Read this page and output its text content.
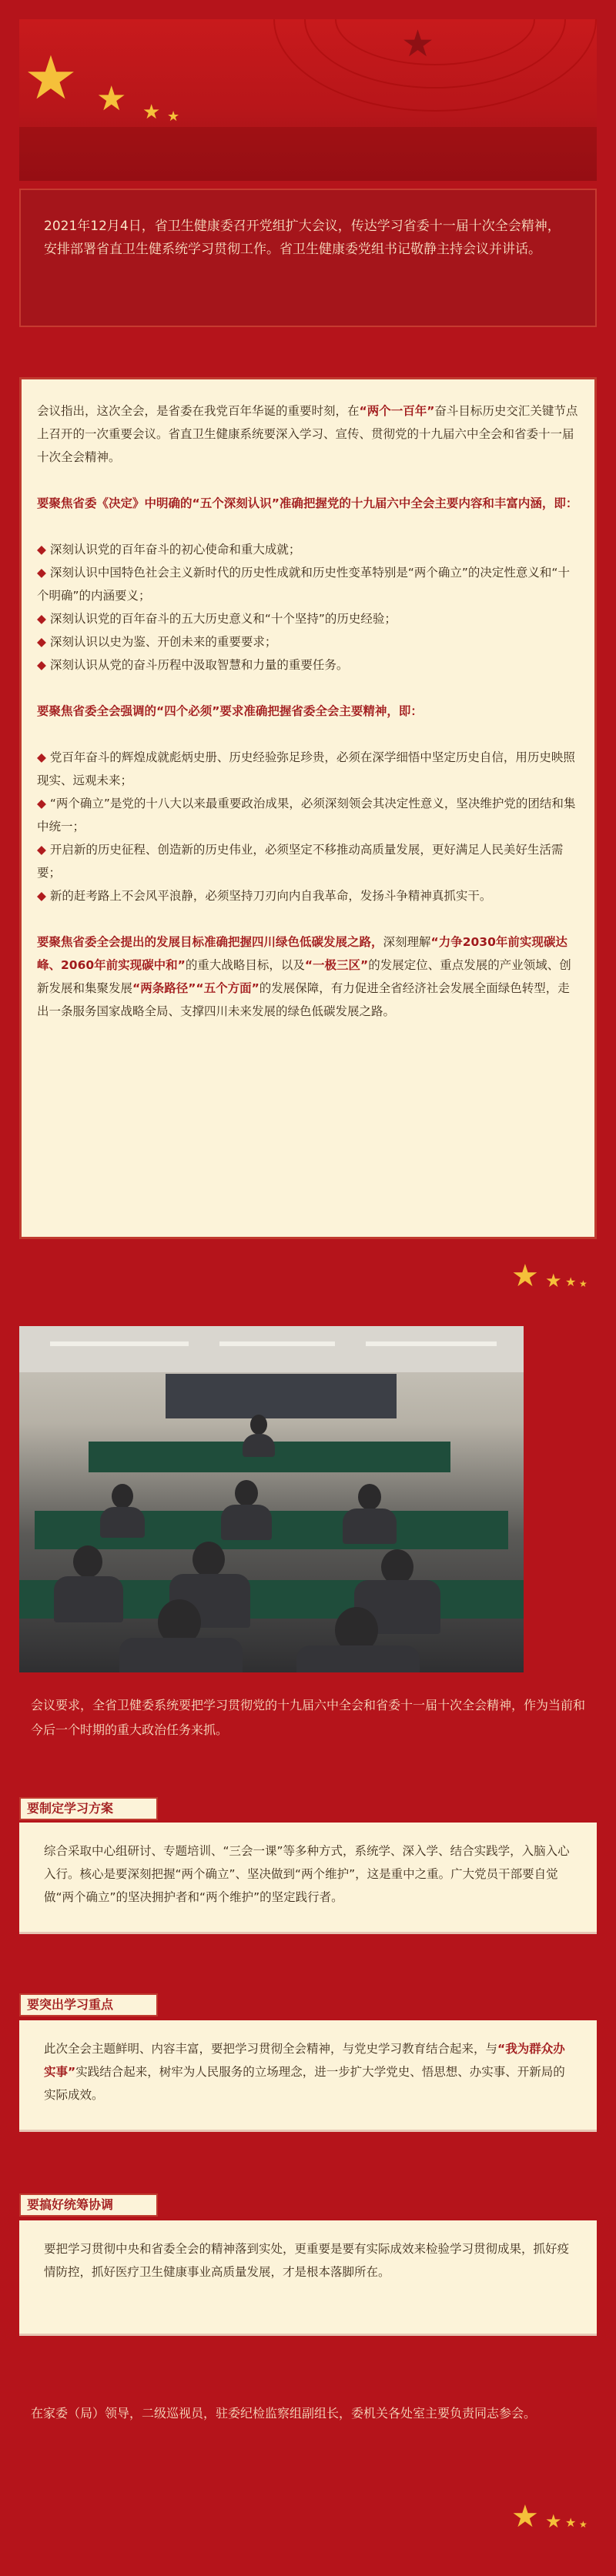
★
★ ★ ★ ★

2021年12月4日，省卫生健康委召开党组扩大会议，传达学习省委十一届十次全会精神，安排部署省直卫生健系统学习贯彻工作。省卫生健康委党组书记敬静主持会议并讲话。

会议指出，这次全会，是省委在我党百年华诞的重要时刻，在“两个一百年”奋斗目标历史交汇关键节点上召开的一次重要会议。省直卫生健康系统要深入学习、宣传、贯彻党的十九届六中全会和省委十一届十次全会精神。

要聚焦省委《决定》中明确的“五个深刻认识”准确把握党的十九届六中全会主要内容和丰富内涵，即：

◆ 深刻认识党的百年奋斗的初心使命和重大成就；

◆ 深刻认识中国特色社会主义新时代的历史性成就和历史性变革特别是“两个确立”的决定性意义和“十个明确”的内涵要义；

◆ 深刻认识党的百年奋斗的五大历史意义和“十个坚持”的历史经验；

◆ 深刻认识以史为鉴、开创未来的重要要求；

◆ 深刻认识从党的奋斗历程中汲取智慧和力量的重要任务。

要聚焦省委全会强调的“四个必须”要求准确把握省委全会主要精神，即：

◆ 党百年奋斗的辉煌成就彪炳史册、历史经验弥足珍贵，必须在深学细悟中坚定历史自信，用历史映照现实、远观未来；

◆ “两个确立”是党的十八大以来最重要政治成果，必须深刻领会其决定性意义，坚决维护党的团结和集中统一；

◆ 开启新的历史征程、创造新的历史伟业，必须坚定不移推动高质量发展，更好满足人民美好生活需要；

◆ 新的赶考路上不会风平浪静，必须坚持刀刃向内自我革命，发扬斗争精神真抓实干。

要聚焦省委全会提出的发展目标准确把握四川绿色低碳发展之路，深刻理解“力争2030年前实现碳达峰、2060年前实现碳中和”的重大战略目标，以及“一极三区”的发展定位、重点发展的产业领域、创新发展和集聚发展“两条路径”“五个方面”的发展保障，有力促进全省经济社会发展全面绿色转型，走出一条服务国家战略全局、支撑四川未来发展的绿色低碳发展之路。

★ ★ ★ ★
会议要求，全省卫健委系统要把学习贯彻党的十九届六中全会和省委十一届十次全会精神，作为当前和今后一个时期的重大政治任务来抓。

综合采取中心组研讨、专题培训、“三会一课”等多种方式，系统学、深入学、结合实践学，入脑入心入行。核心是要深刻把握“两个确立”、坚决做到“两个维护”，这是重中之重。广大党员干部要自觉做“两个确立”的坚决拥护者和“两个维护”的坚定践行者。

要制定学习方案

此次全会主题鲜明、内容丰富，要把学习贯彻全会精神，与党史学习教育结合起来，与“我为群众办实事”实践结合起来，树牢为人民服务的立场理念，进一步扩大学党史、悟思想、办实事、开新局的实际成效。

要突出学习重点

要把学习贯彻中央和省委全会的精神落到实处，更重要是要有实际成效来检验学习贯彻成果，抓好疫情防控，抓好医疗卫生健康事业高质量发展，才是根本落脚所在。

要搞好统筹协调
在家委（局）领导，二级巡视员，驻委纪检监察组副组长，委机关各处室主要负责同志参会。
★ ★ ★ ★
